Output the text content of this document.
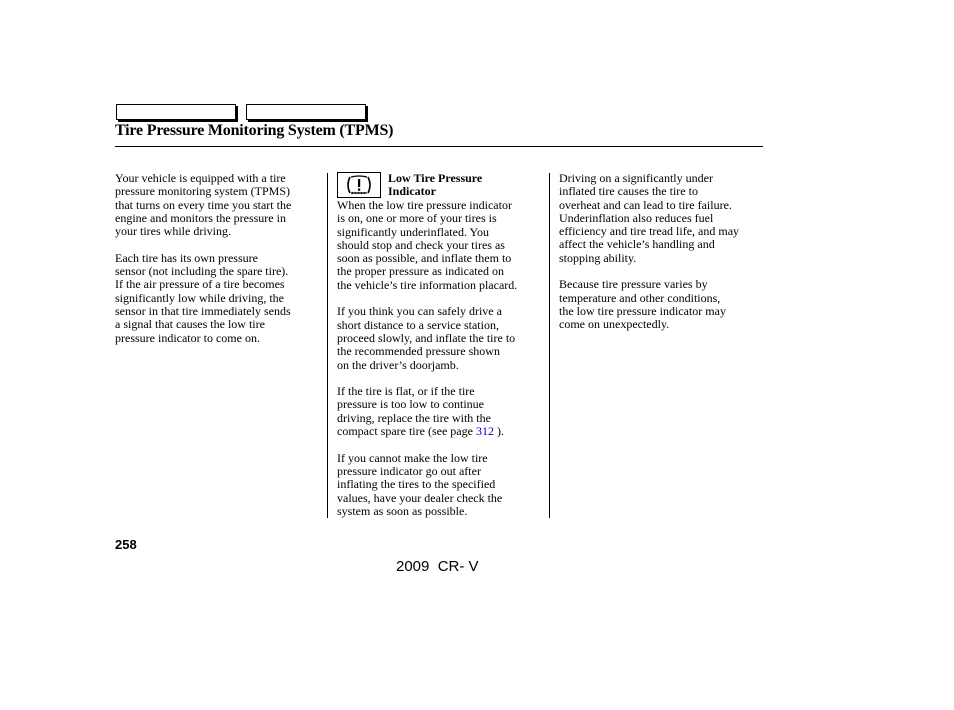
Tire Pressure Monitoring System (TPMS)

Your vehicle is equipped with a tire
pressure monitoring system (TPMS)
that turns on every time you start the
engine and monitors the pressure in
your tires while driving.

Each tire has its own pressure
sensor (not including the spare tire).
If the air pressure of a tire becomes
significantly low while driving, the
sensor in that tire immediately sends
a signal that causes the low tire
pressure indicator to come on.

Low Tire Pressure
Indicator

When the low tire pressure indicator
is on, one or more of your tires is
significantly underinflated. You
should stop and check your tires as
soon as possible, and inflate them to
the proper pressure as indicated on
the vehicle’s tire information placard.

If you think you can safely drive a
short distance to a service station,
proceed slowly, and inflate the tire to
the recommended pressure shown
on the driver’s doorjamb.

If the tire is flat, or if the tire
pressure is too low to continue
driving, replace the tire with the
compact spare tire (see page 312 ).

If you cannot make the low tire
pressure indicator go out after
inflating the tires to the specified
values, have your dealer check the
system as soon as possible.

Driving on a significantly under
inflated tire causes the tire to
overheat and can lead to tire failure.
Underinflation also reduces fuel
efficiency and tire tread life, and may
affect the vehicle’s handling and
stopping ability.

Because tire pressure varies by
temperature and other conditions,
the low tire pressure indicator may
come on unexpectedly.

258
2009  CR- V
